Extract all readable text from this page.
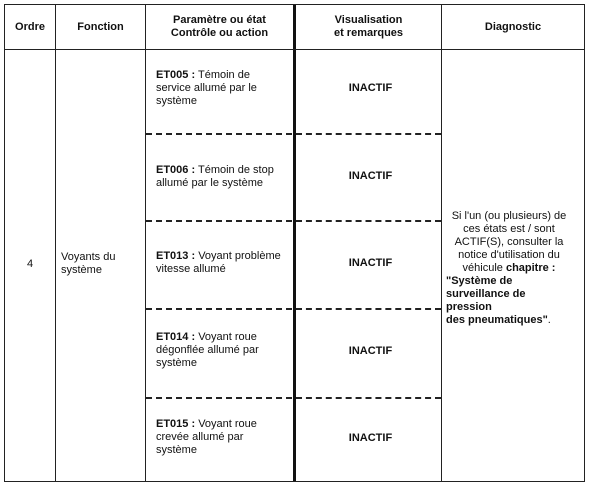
Ordre	Fonction
Paramètre ou état
Contrôle ou action
Visualisation
et remarques
Diagnostic
4
Voyants du
système
ET005 : Témoin de
service allumé par le
système
INACTIF
ET006 : Témoin de stop
allumé par le système
INACTIF
ET013 : Voyant problème
vitesse allumé	INACTIF
ET014 : Voyant roue
dégonflée allumé par
système
INACTIF
ET015 : Voyant roue
crevée allumé par
système
INACTIF
Si l'un (ou plusieurs) de
ces états est / sont
ACTIF(S), consulter la
notice d'utilisation du
véhicule chapitre :

"Système de
surveillance de pression
des pneumatiques".
